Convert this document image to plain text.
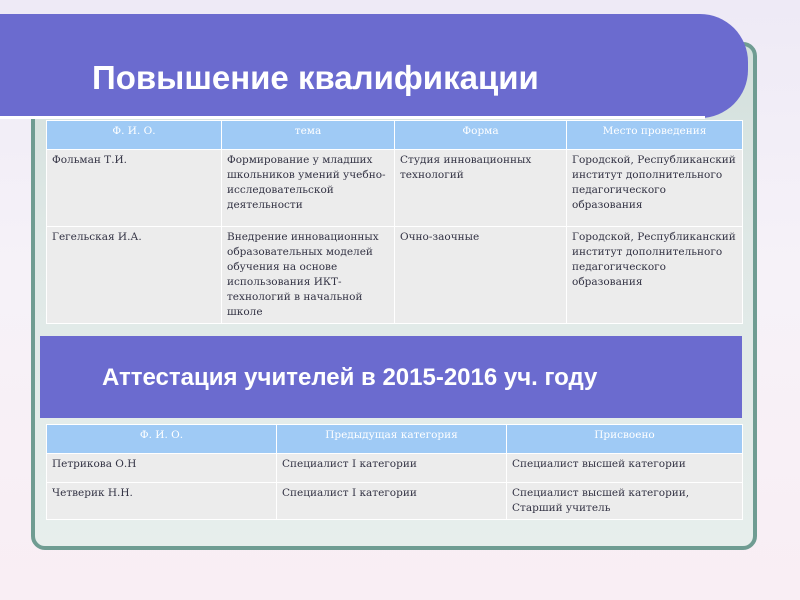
Повышение квалификации
Ф. И. О.	тема	Форма	Место проведения
Фольман Т.И.	Формирование у младших школьников умений учебно-исследовательской деятельности	Студия инновационных технологий	Городской, Республиканский институт дополнительного педагогического образования
Гегельская И.А.	Внедрение инновационных образовательных моделей обучения на основе использования ИКТ-технологий в начальной школе	Очно-заочные	Городской, Республиканский институт дополнительного педагогического образования
Аттестация учителей в 2015-2016 уч. году
Ф. И. О.	Предыдущая категория	Присвоено
Петрикова О.Н	Специалист I категории	Специалист высшей категории
Четверик Н.Н.	Специалист I категории	Специалист высшей категории, Старший учитель
